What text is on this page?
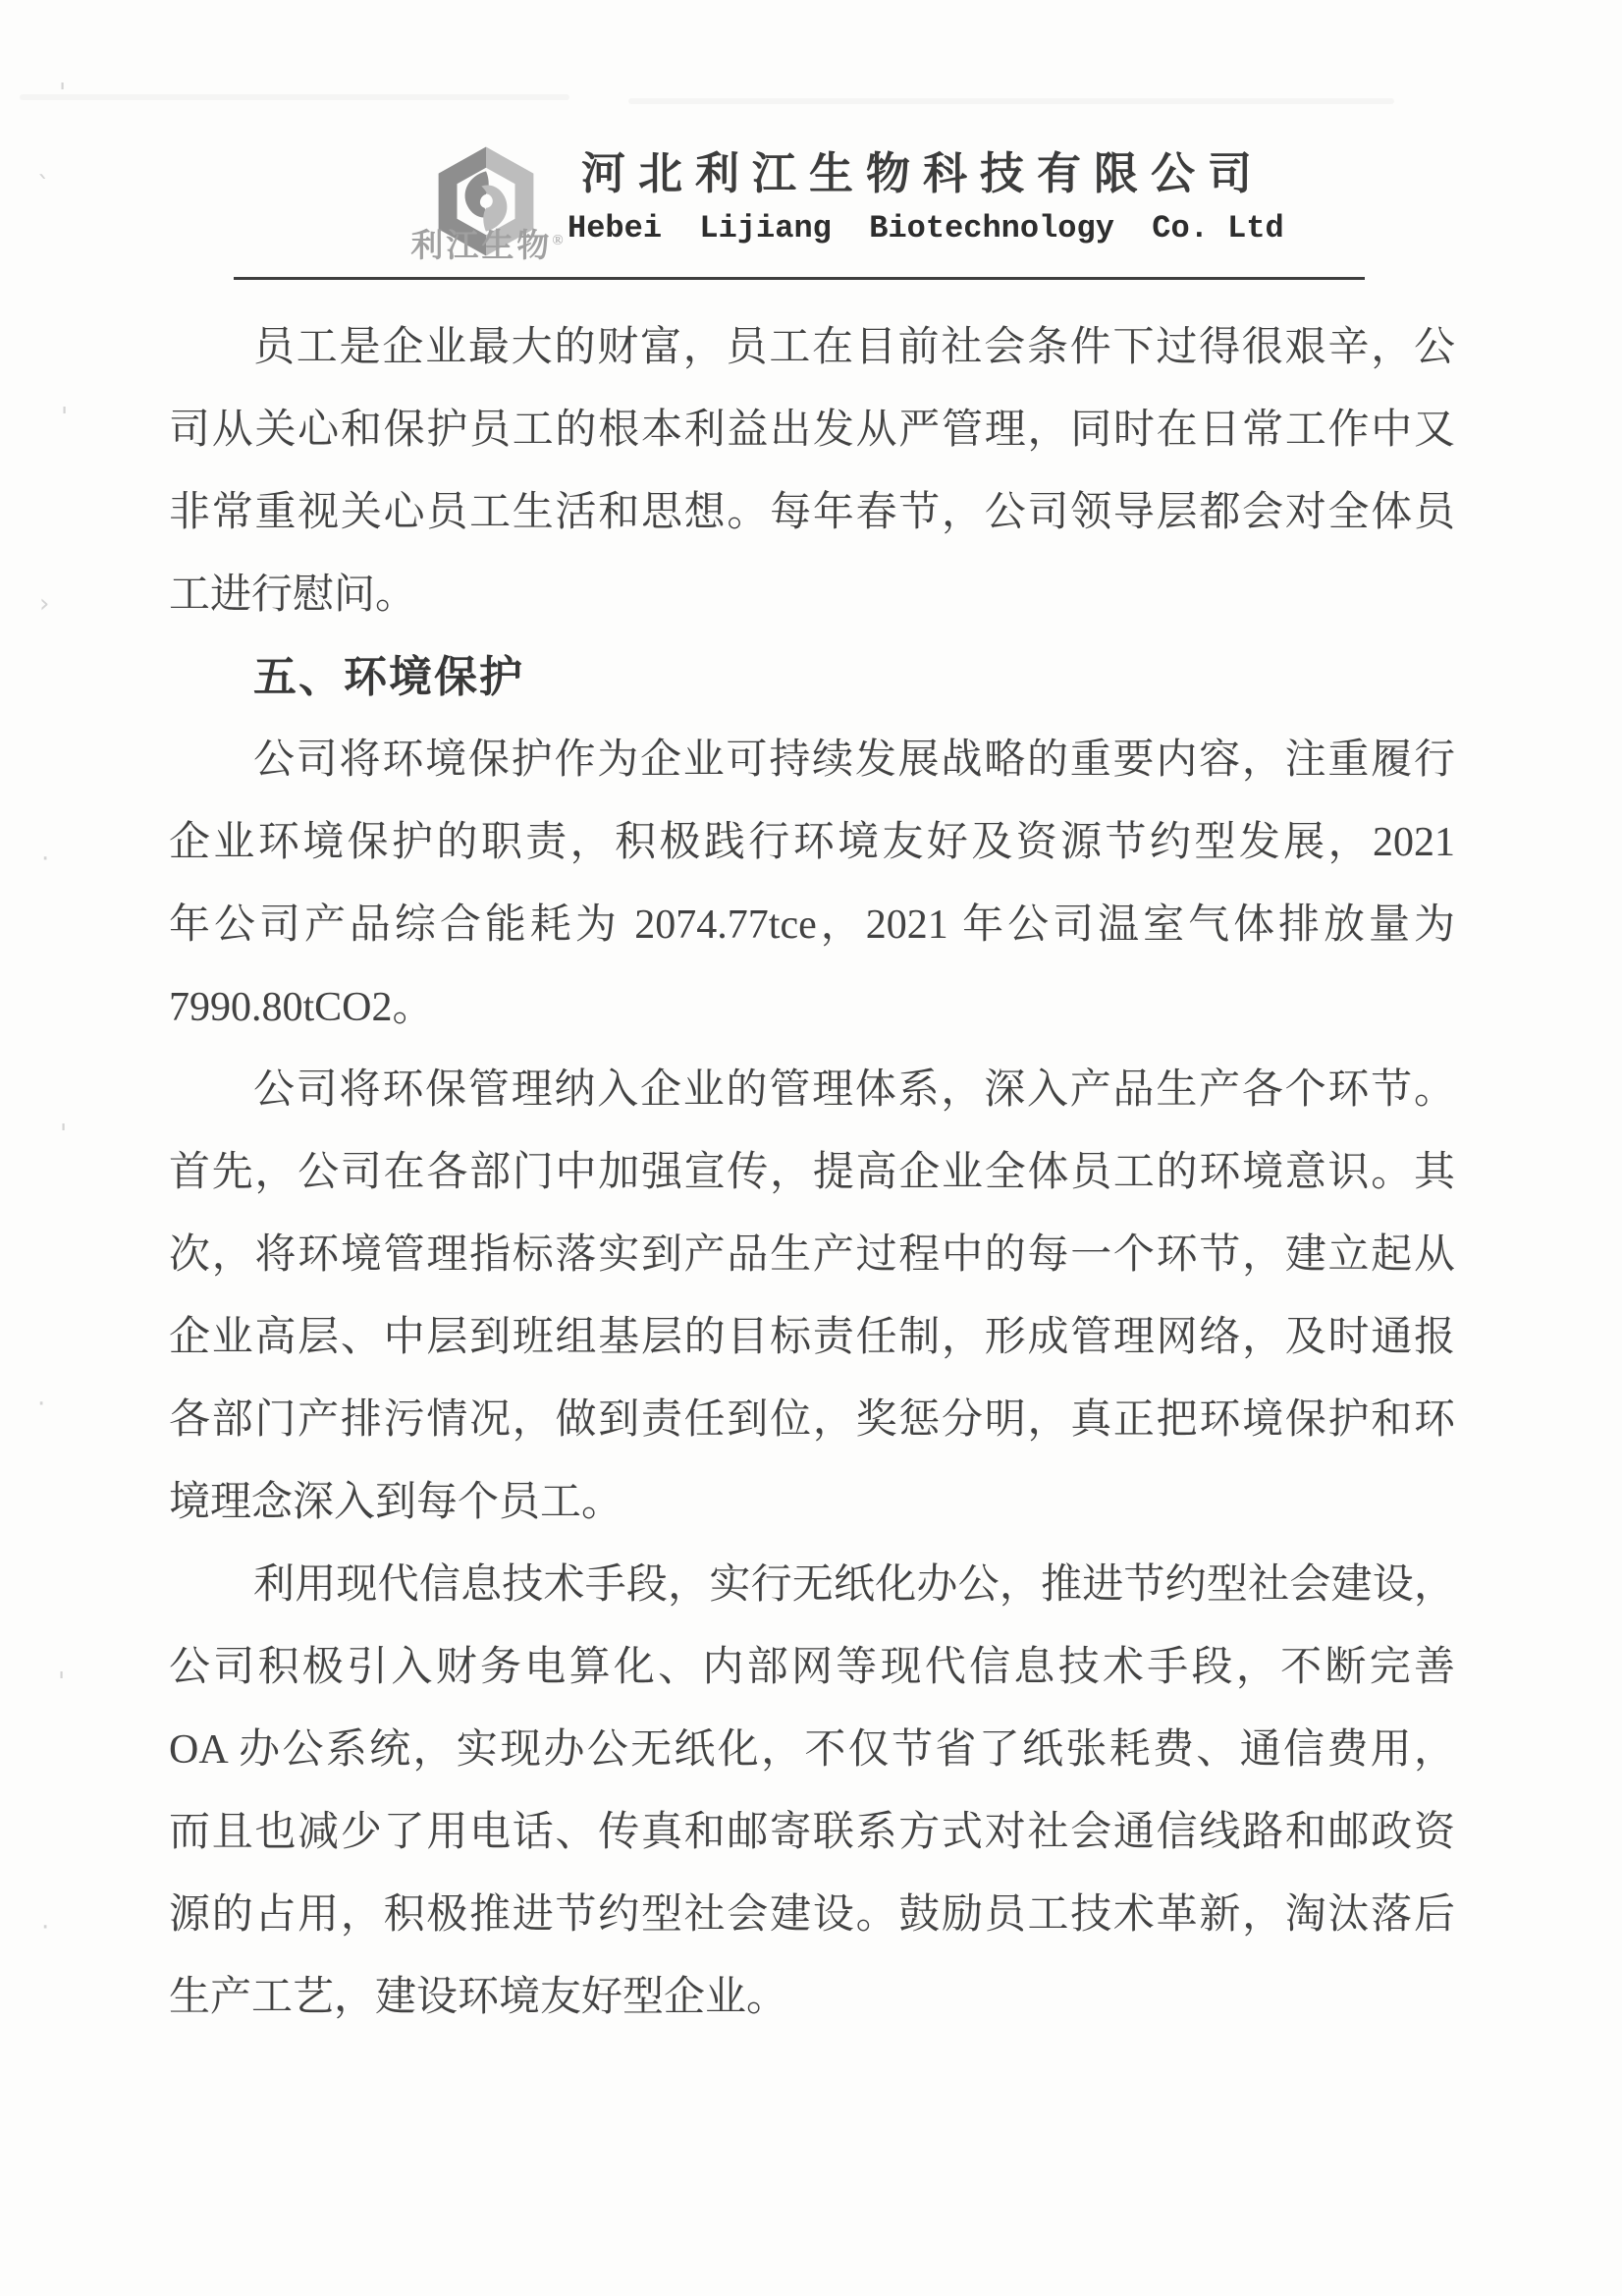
'
`
'
›
·
'
·
'
·
利江生物®
河北利江生物科技有限公司
Hebei  Lijiang  Biotechnology  Co. Ltd
员工是企业最大的财富，员工在目前社会条件下过得很艰辛，公
司从关心和保护员工的根本利益出发从严管理，同时在日常工作中又
非常重视关心员工生活和思想。每年春节，公司领导层都会对全体员
工进行慰问。
五、环境保护
公司将环境保护作为企业可持续发展战略的重要内容，注重履行
企业环境保护的职责，积极践行环境友好及资源节约型发展，2021
年公司产品综合能耗为 2074.77tce，2021 年公司温室气体排放量为
7990.80tCO2。
公司将环保管理纳入企业的管理体系，深入产品生产各个环节。
首先，公司在各部门中加强宣传，提高企业全体员工的环境意识。其
次，将环境管理指标落实到产品生产过程中的每一个环节，建立起从
企业高层、中层到班组基层的目标责任制，形成管理网络，及时通报
各部门产排污情况，做到责任到位，奖惩分明，真正把环境保护和环
境理念深入到每个员工。
利用现代信息技术手段，实行无纸化办公，推进节约型社会建设，
公司积极引入财务电算化、内部网等现代信息技术手段，不断完善
OA 办公系统，实现办公无纸化，不仅节省了纸张耗费、通信费用，
而且也减少了用电话、传真和邮寄联系方式对社会通信线路和邮政资
源的占用，积极推进节约型社会建设。鼓励员工技术革新，淘汰落后
生产工艺，建设环境友好型企业。
